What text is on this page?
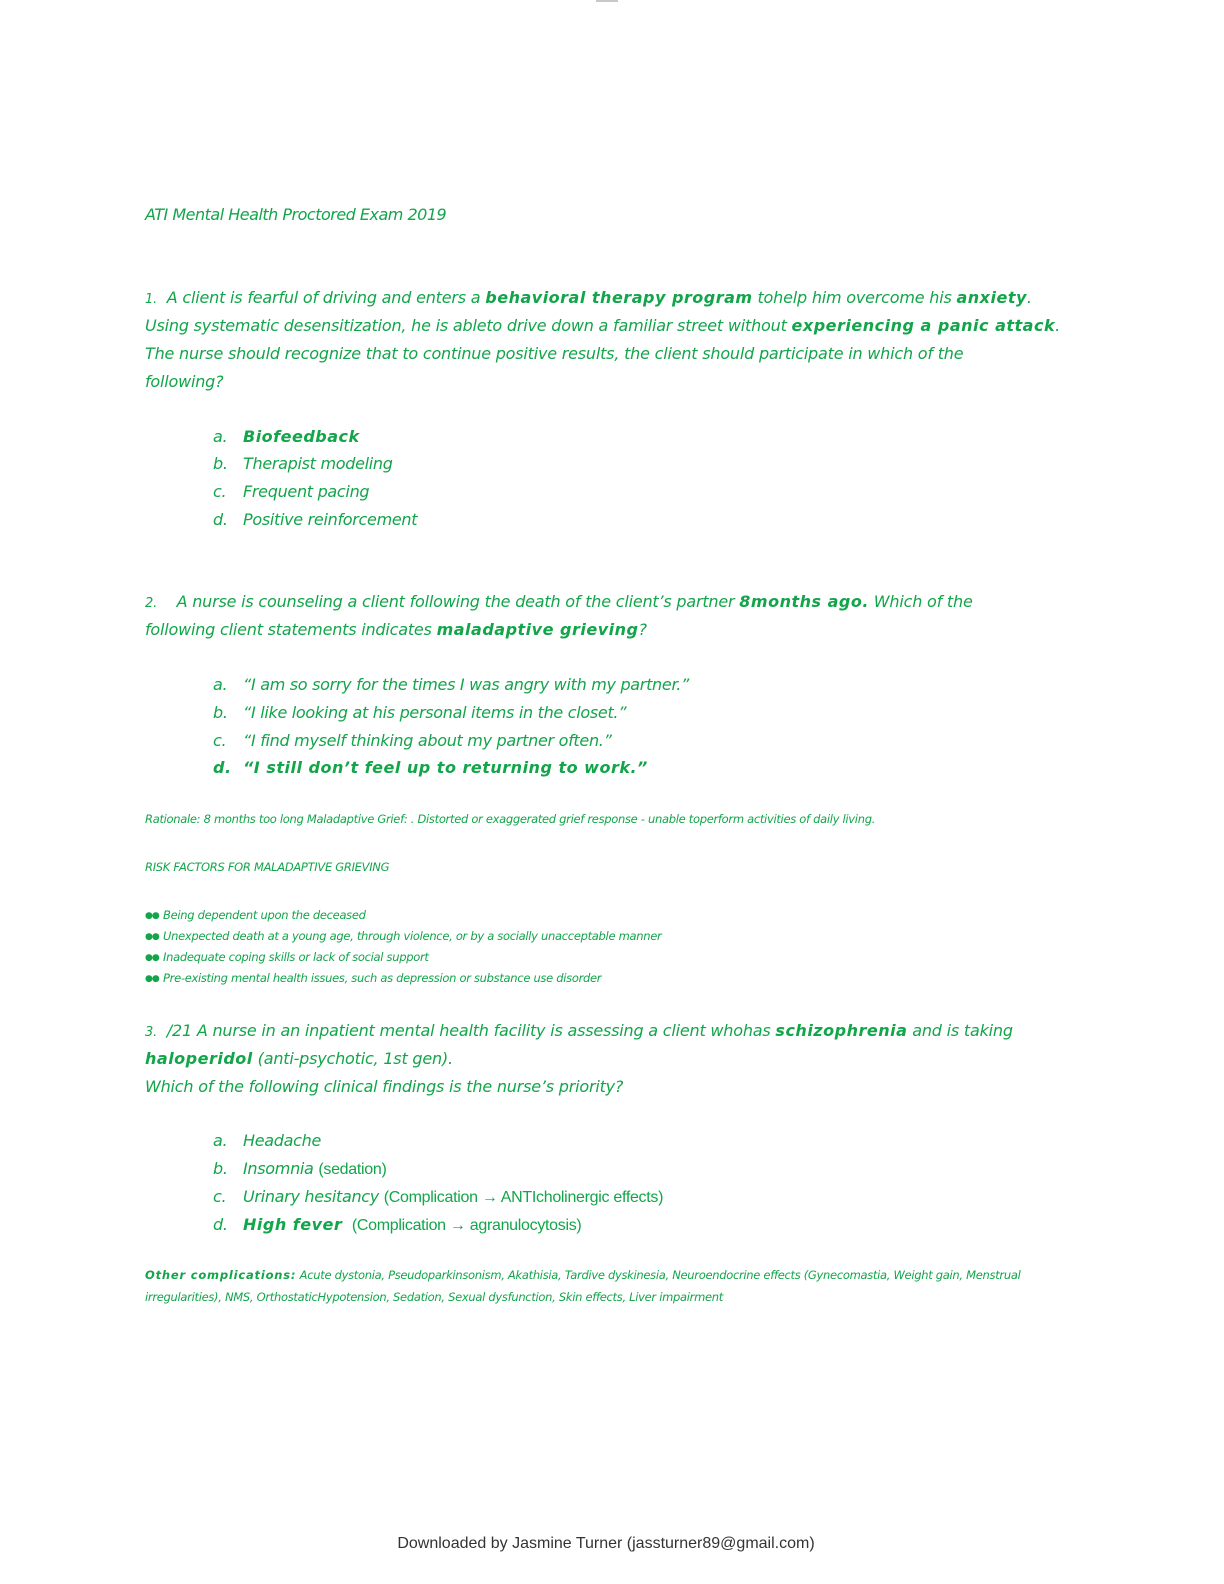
ATI Mental Health Proctored Exam 2019
1. A client is fearful of driving and enters a behavioral therapy program tohelp him overcome his anxiety.
Using systematic desensitization, he is ableto drive down a familiar street without experiencing a panic attack.
The nurse should recognize that to continue positive results, the client should participate in which of the
following?
a. Biofeedback
b. Therapist modeling
c. Frequent pacing
d. Positive reinforcement
2. A nurse is counseling a client following the death of the client’s partner 8months ago. Which of the
following client statements indicates maladaptive grieving?
a. “I am so sorry for the times I was angry with my partner.”
b. “I like looking at his personal items in the closet.”
c. “I find myself thinking about my partner often.”
d. “I still don’t feel up to returning to work.”
Rationale: 8 months too long Maladaptive Grief: . Distorted or exaggerated grief response - unable toperform activities of daily living.
RISK FACTORS FOR MALADAPTIVE GRIEVING
●● Being dependent upon the deceased
●● Unexpected death at a young age, through violence, or by a socially unacceptable manner
●● Inadequate coping skills or lack of social support
●● Pre-existing mental health issues, such as depression or substance use disorder
3. /21 A nurse in an inpatient mental health facility is assessing a client whohas schizophrenia and is taking
haloperidol (anti-psychotic, 1st gen).
Which of the following clinical findings is the nurse’s priority?
a. Headache
b. Insomnia (sedation)
c. Urinary hesitancy (Complication → ANTIcholinergic effects)
d. High fever (Complication → agranulocytosis)
Other complications: Acute dystonia, Pseudoparkinsonism, Akathisia, Tardive dyskinesia, Neuroendocrine effects (Gynecomastia, Weight gain, Menstrual
irregularities), NMS, OrthostaticHypotension, Sedation, Sexual dysfunction, Skin effects, Liver impairment
Downloaded by Jasmine Turner (jassturner89@gmail.com)
